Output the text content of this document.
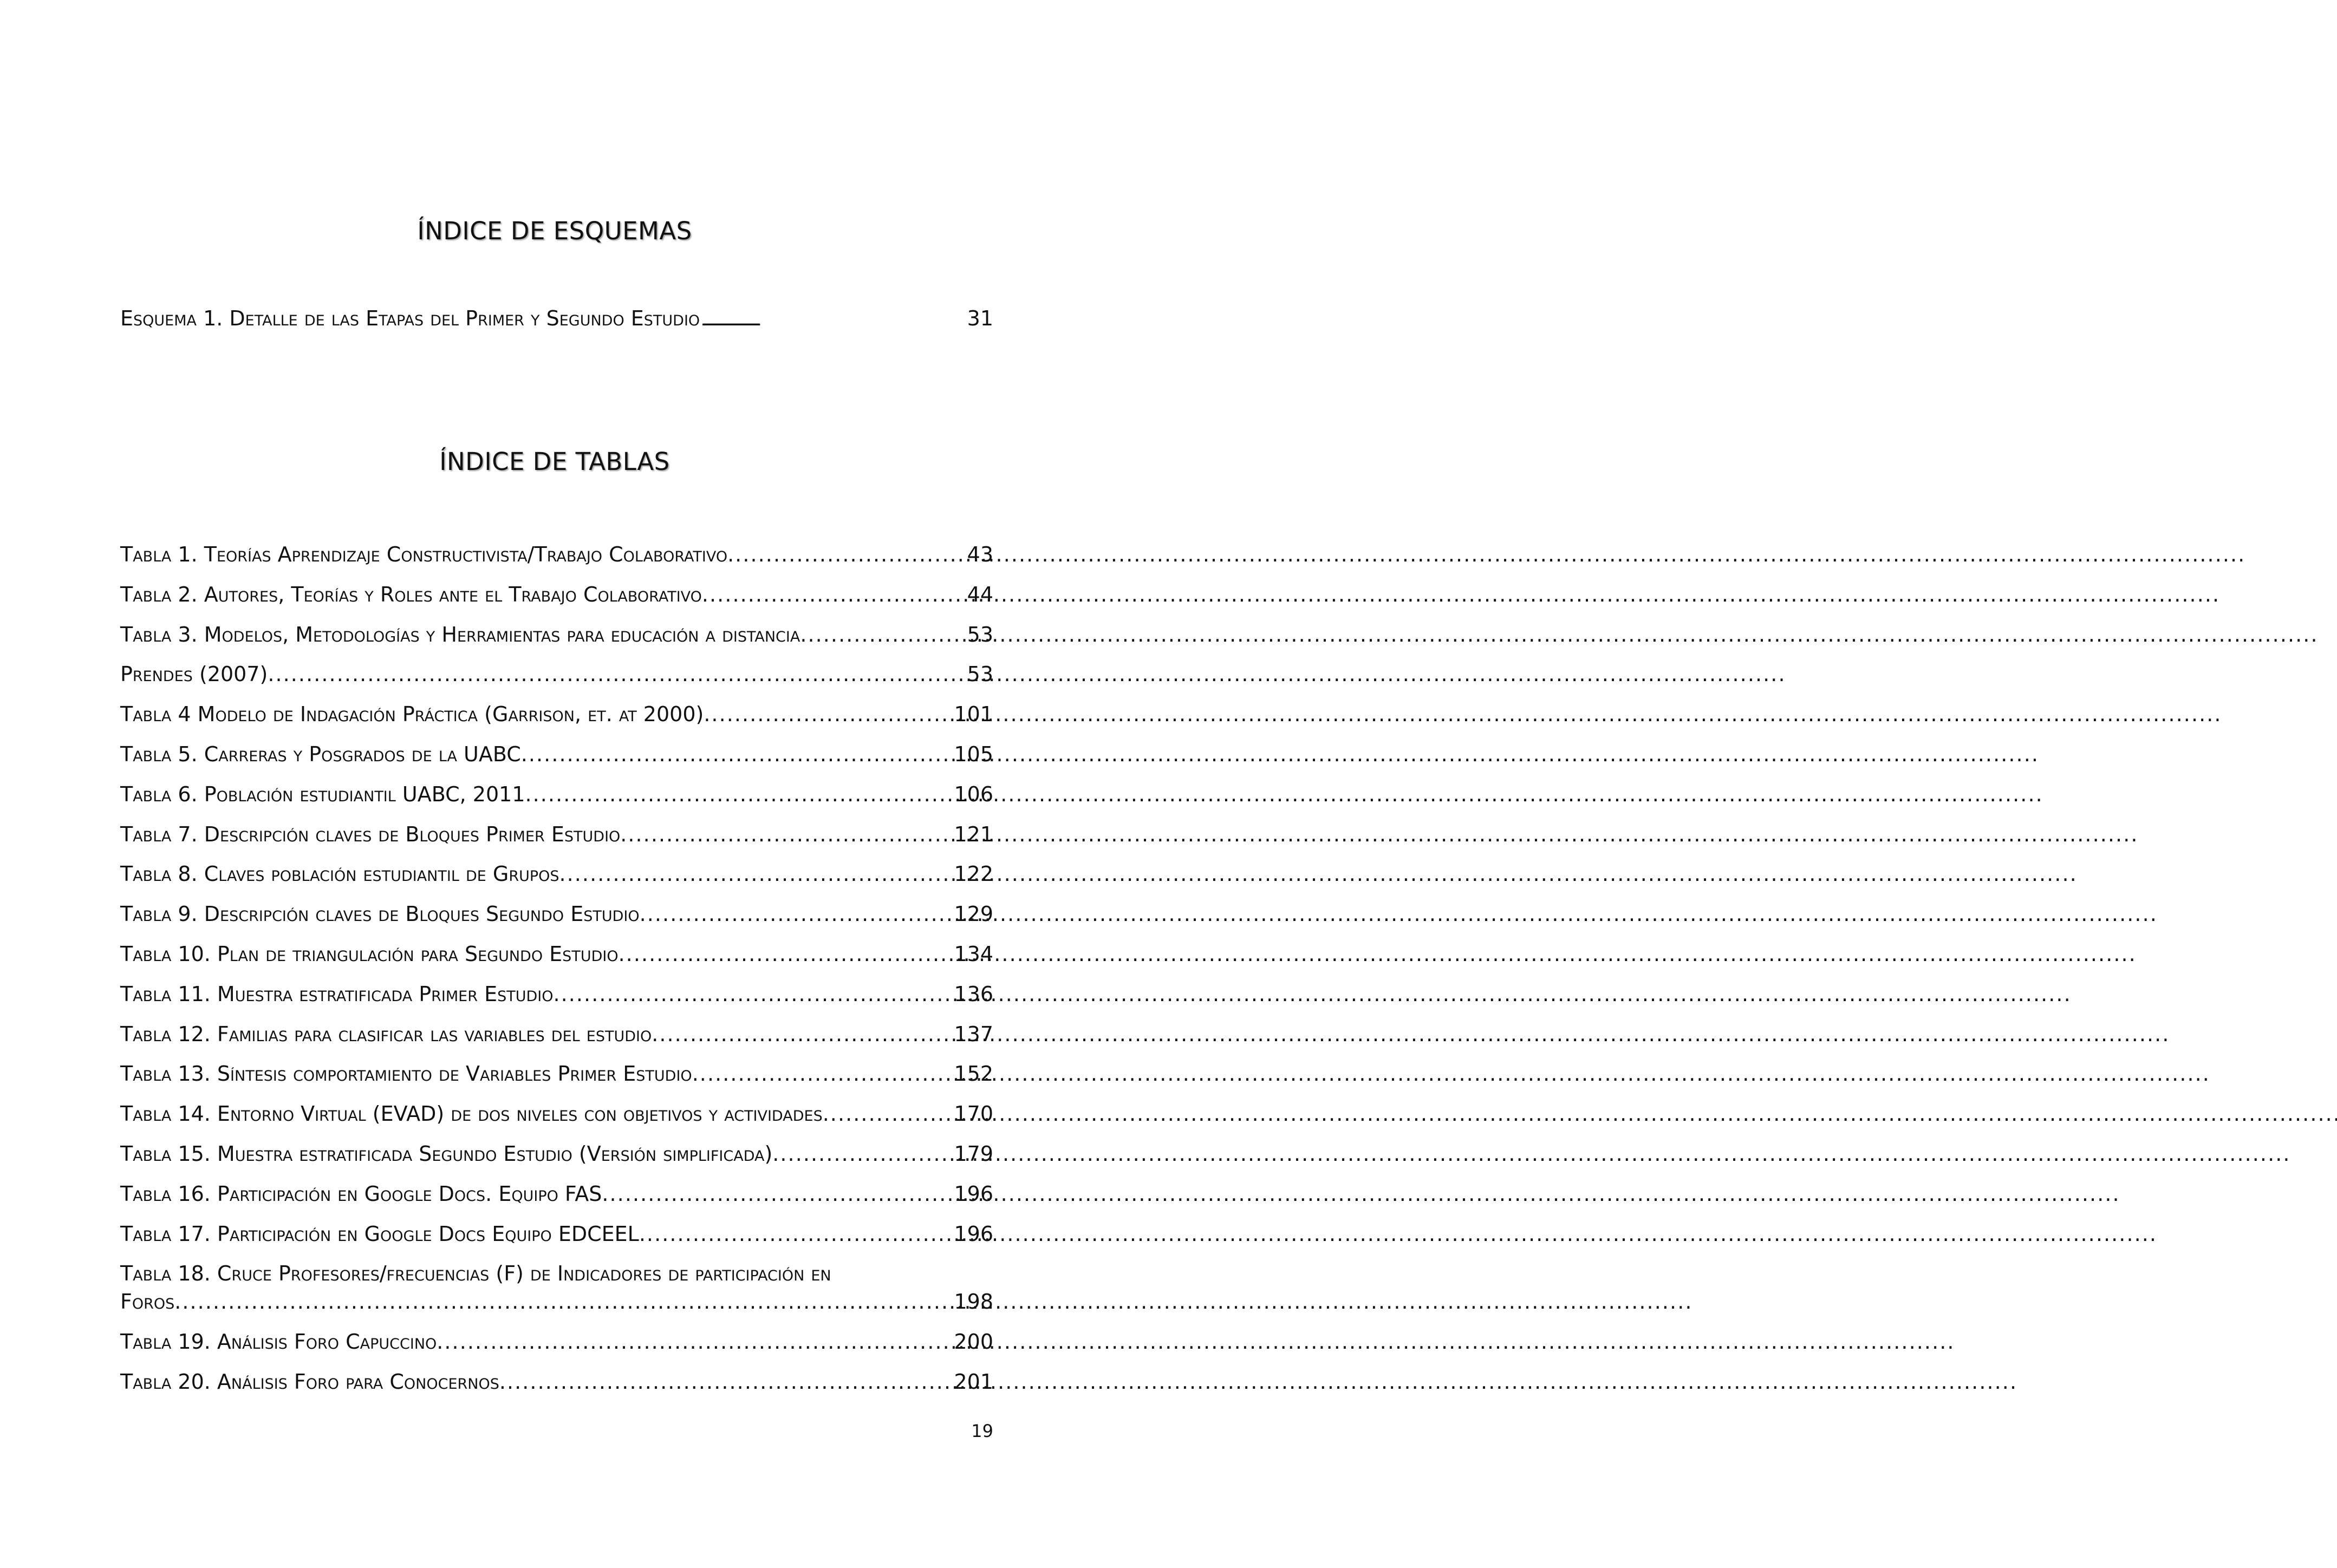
ÍNDICE DE ESQUEMAS
Esquema 1. Detalle de las Etapas del Primer y Segundo Estudio . . .	31
ÍNDICE DE TABLAS
Tabla 1. Teorías Aprendizaje Constructivista/Trabajo Colaborativo. . . .	43
Tabla 2. Autores, Teorías y Roles ante el Trabajo Colaborativo. . . .	44
Tabla 3. Modelos, Metodologías y Herramientas para educación a distancia. . . .	53
Prendes (2007). . . .	53
Tabla 4 Modelo de Indagación Práctica (Garrison, et. at 2000). . . .	101
Tabla 5. Carreras y Posgrados de la UABC. . . .	105
Tabla 6. Población estudiantil UABC, 2011. . . .	106
Tabla 7. Descripción claves de Bloques Primer Estudio. . . .	121
Tabla 8. Claves población estudiantil de Grupos. . . .	122
Tabla 9. Descripción claves de Bloques Segundo Estudio. . . .	129
Tabla 10. Plan de triangulación para Segundo Estudio. . . .	134
Tabla 11. Muestra estratificada Primer Estudio. . . .	136
Tabla 12. Familias para clasificar las variables del estudio. . . .	137
Tabla 13. Síntesis comportamiento de Variables Primer Estudio. . . .	152
Tabla 14. Entorno Virtual (EVAD) de dos niveles con objetivos y actividades. . . .	170
Tabla 15. Muestra estratificada Segundo Estudio (Versión simplificada). . . .	179
Tabla 16. Participación en Google Docs. Equipo FAS. . . .	196
Tabla 17. Participación en Google Docs Equipo EDCEEL. . . .	196
Tabla 18. Cruce Profesores/frecuencias (F) de Indicadores de participación en
Foros. . . .	198
Tabla 19. Análisis Foro Capuccino. . . .	200
Tabla 20. Análisis Foro para Conocernos. . . .	201
19
